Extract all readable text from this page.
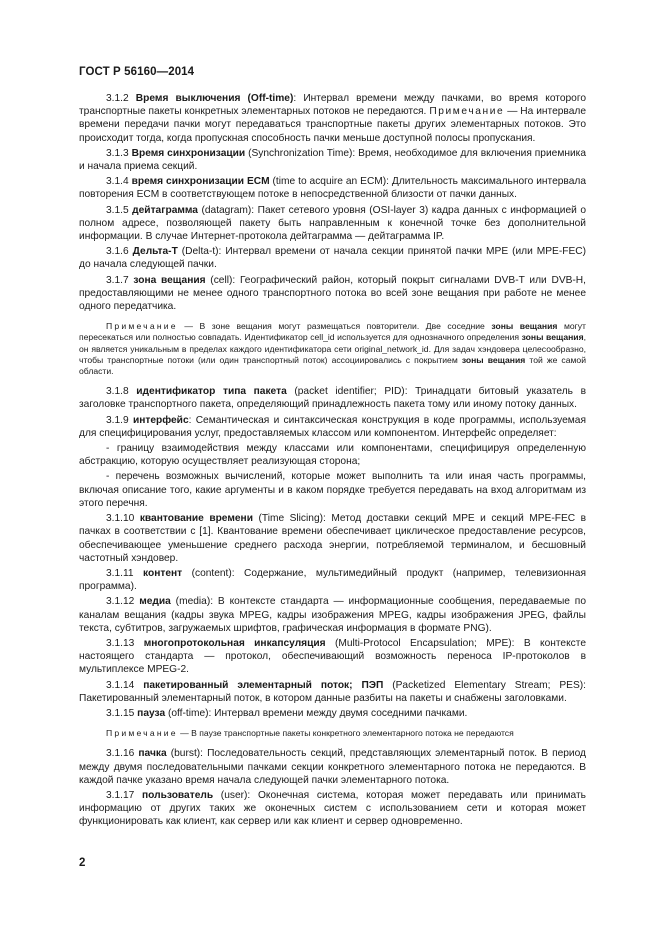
ГОСТ Р 56160—2014

3.1.2 Время выключения (Off-time): Интервал времени между пачками, во время которого транспортные пакеты конкретных элементарных потоков не передаются. Примечание — На интервале времени передачи пачки могут передаваться транспортные пакеты других элементарных потоков. Это происходит тогда, когда пропускная способность пачки меньше доступной полосы пропускания.

3.1.3 Время синхронизации (Synchronization Time): Время, необходимое для включения приемника и начала приема секций.

3.1.4 время синхронизации ECM (time to acquire an ECM): Длительность максимального интервала повторения ECM в соответствующем потоке в непосредственной близости от пачки данных.

3.1.5 дейтаграмма (datagram): Пакет сетевого уровня (OSI-layer 3) кадра данных с информацией о полном адресе, позволяющей пакету быть направленным к конечной точке без дополнительной информации. В случае Интернет-протокола дейтаграмма — дейтаграмма IP.

3.1.6 Дельта-Т (Delta-t): Интервал времени от начала секции принятой пачки MPE (или MPE-FEC) до начала следующей пачки.

3.1.7 зона вещания (cell): Географический район, который покрыт сигналами DVB-T или DVB-H, предоставляющими не менее одного транспортного потока во всей зоне вещания при работе не менее одного передатчика.

Примечание — В зоне вещания могут размещаться повторители. Две соседние зоны вещания могут пересекаться или полностью совпадать. Идентификатор cell_id используется для однозначного определения зоны вещания, он является уникальным в пределах каждого идентификатора сети original_network_id. Для задач хэндовера целесообразно, чтобы транспортные потоки (или один транспортный поток) ассоциировались с покрытием зоны вещания той же самой области.

3.1.8 идентификатор типа пакета (packet identifier; PID): Тринадцати битовый указатель в заголовке транспортного пакета, определяющий принадлежность пакета тому или иному потоку данных.

3.1.9 интерфейс: Семантическая и синтаксическая конструкция в коде программы, используемая для специфицирования услуг, предоставляемых классом или компонентом. Интерфейс определяет:

- границу взаимодействия между классами или компонентами, специфицируя определенную абстракцию, которую осуществляет реализующая сторона;

- перечень возможных вычислений, которые может выполнить та или иная часть программы, включая описание того, какие аргументы и в каком порядке требуется передавать на вход алгоритмам из этого перечня.

3.1.10 квантование времени (Time Slicing): Метод доставки секций MPE и секций MPE-FEC в пачках в соответствии с [1]. Квантование времени обеспечивает циклическое предоставление ресурсов, обеспечивающее уменьшение среднего расхода энергии, потребляемой терминалом, и бесшовный частотный хэндовер.

3.1.11 контент (content): Содержание, мультимедийный продукт (например, телевизионная программа).

3.1.12 медиа (media): В контексте стандарта — информационные сообщения, передаваемые по каналам вещания (кадры звука MPEG, кадры изображения MPEG, кадры изображения JPEG, файлы текста, субтитров, загружаемых шрифтов, графическая информация в формате PNG).

3.1.13 многопротокольная инкапсуляция (Multi-Protocol Encapsulation; MPE): В контексте настоящего стандарта — протокол, обеспечивающий возможность переноса IP-протоколов в мультиплексе MPEG-2.

3.1.14 пакетированный элементарный поток; ПЭП (Packetized Elementary Stream; PES): Пакетированный элементарный поток, в котором данные разбиты на пакеты и снабжены заголовками.

3.1.15 пауза (off-time): Интервал времени между двумя соседними пачками.

Примечание — В паузе транспортные пакеты конкретного элементарного потока не передаются

3.1.16 пачка (burst): Последовательность секций, представляющих элементарный поток. В период между двумя последовательными пачками секции конкретного элементарного потока не передаются. В каждой пачке указано время начала следующей пачки элементарного потока.

3.1.17 пользователь (user): Оконечная система, которая может передавать или принимать информацию от других таких же оконечных систем с использованием сети и которая может функционировать как клиент, как сервер или как клиент и сервер одновременно.

2
